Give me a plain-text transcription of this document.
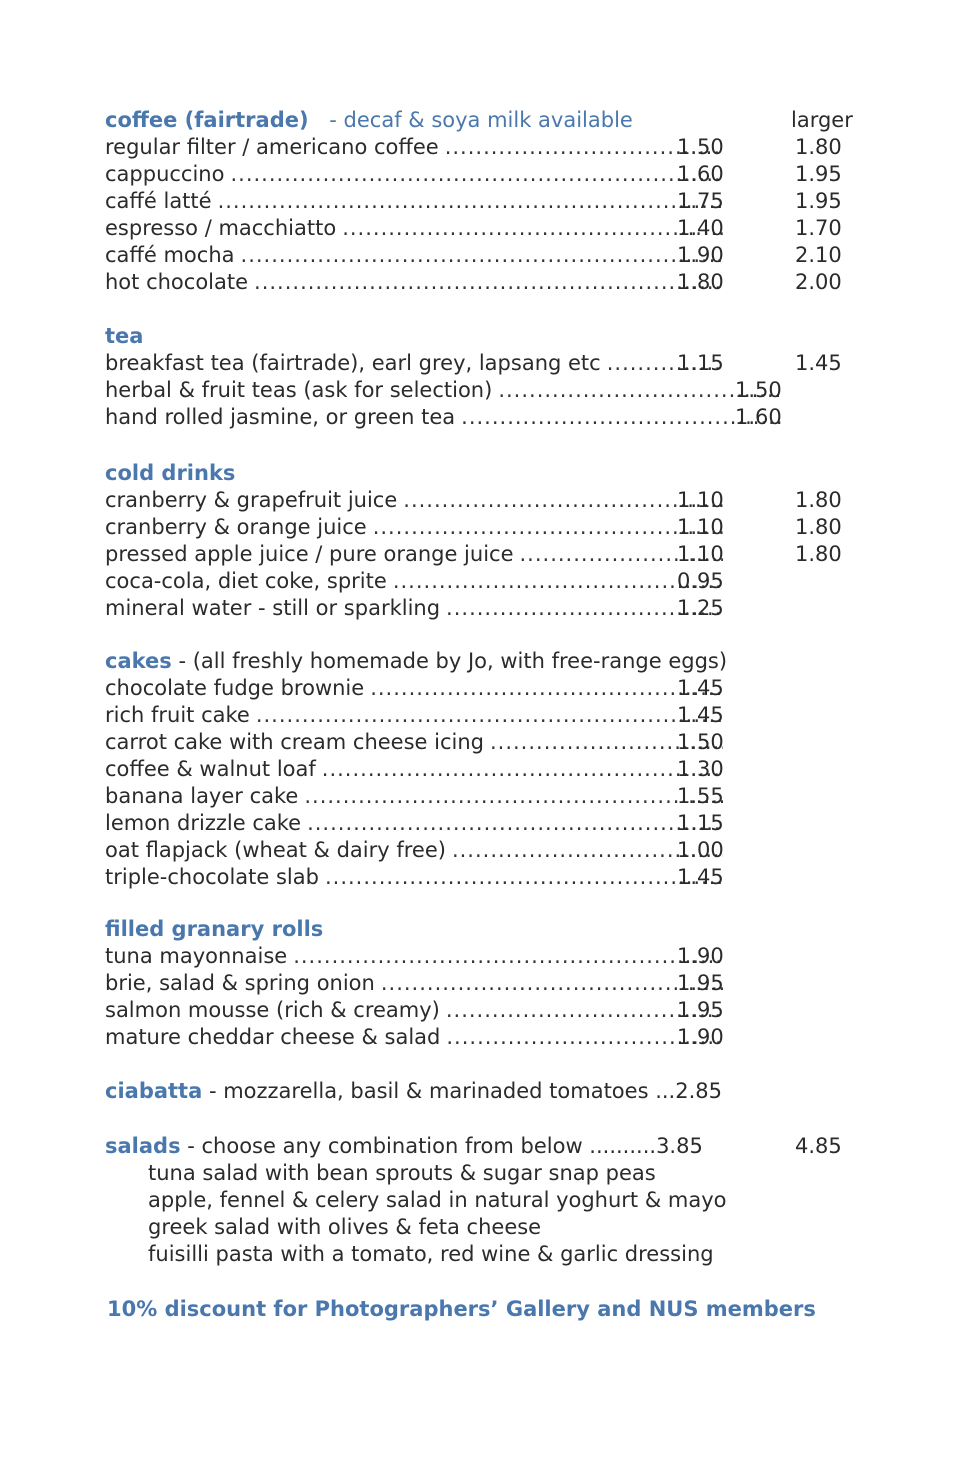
coffee (fairtrade) - decaf & soya milk available	larger
regular filter / americano coffee .....	1.50	1.80
cappuccino .....	1.60	1.95
caffé latté .....	1.75	1.95
espresso / macchiatto .....	1.40	1.70
caffé mocha .....	1.90	2.10
hot chocolate .....	1.80	2.00
tea
breakfast tea (fairtrade), earl grey, lapsang etc .....	1.15	1.45
herbal & fruit teas (ask for selection) .....	1.50
hand rolled jasmine, or green tea .....	1.60
cold drinks
cranberry & grapefruit juice .....	1.10	1.80
cranberry & orange juice .....	1.10	1.80
pressed apple juice / pure orange juice .....	1.10	1.80
coca-cola, diet coke, sprite .....	0.95
mineral water - still or sparkling .....	1.25
cakes - (all freshly homemade by Jo, with free-range eggs)
chocolate fudge brownie .....	1.45
rich fruit cake .....	1.45
carrot cake with cream cheese icing .....	1.50
coffee & walnut loaf .....	1.30
banana layer cake .....	1.55
lemon drizzle cake .....	1.15
oat flapjack (wheat & dairy free) .....	1.00
triple-chocolate slab .....	1.45
filled granary rolls
tuna mayonnaise .....	1.90
brie, salad & spring onion .....	1.95
salmon mousse (rich & creamy) .....	1.95
mature cheddar cheese & salad .....	1.90
ciabatta - mozzarella, basil & marinaded tomatoes ...2.85
salads - choose any combination from below ..........3.85	4.85
tuna salad with bean sprouts & sugar snap peas
apple, fennel & celery salad in natural yoghurt & mayo
greek salad with olives & feta cheese
fuisilli pasta with a tomato, red wine & garlic dressing
10% discount for Photographers’ Gallery and NUS members
